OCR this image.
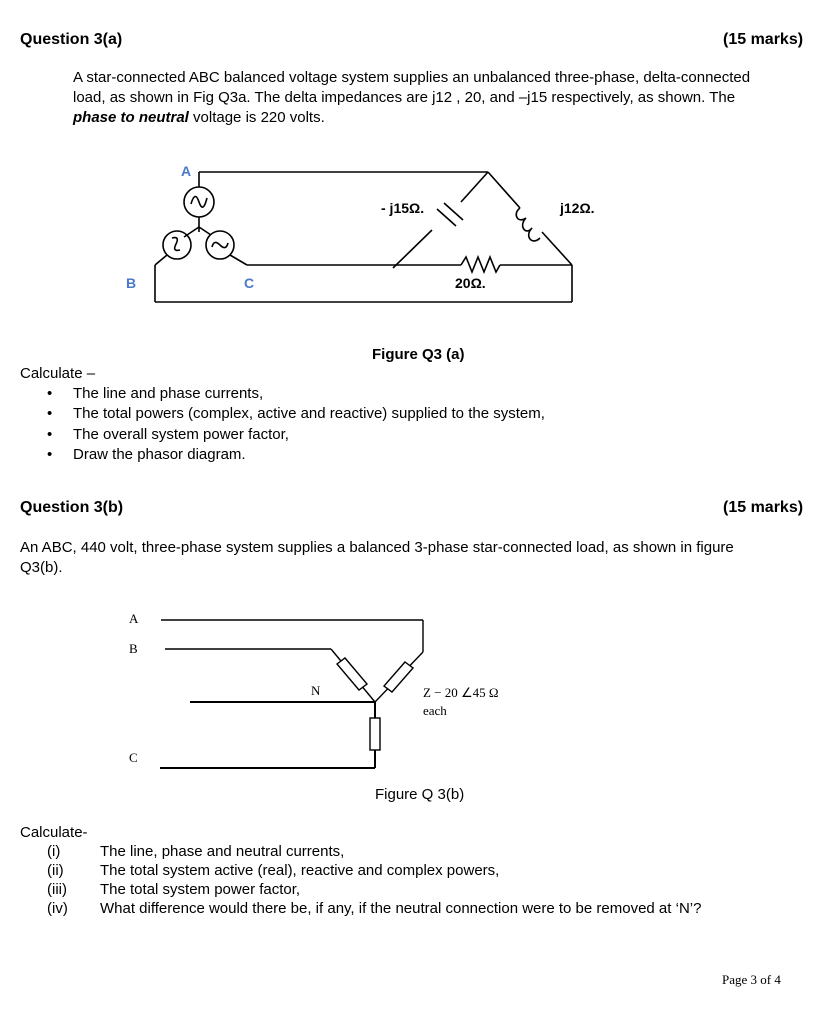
Question 3(a)	(15 marks)
A star-connected ABC balanced voltage system supplies an unbalanced three-phase, delta-connected
load, as shown in Fig Q3a. The delta impedances are j12 , 20, and –j15 respectively, as shown. The
phase to neutral voltage is 220 volts.
A
B	C
- j15Ω.	j12Ω.
20Ω.
A
B
C
N	Z − 20 ∠45 Ω
each
Figure Q3 (a)
Calculate –
• The line and phase currents,
• The total powers (complex, active and reactive) supplied to the system,
• The overall system power factor,
• Draw the phasor diagram.
Question 3(b)	(15 marks)
An ABC, 440 volt, three-phase system supplies a balanced 3-phase star-connected load, as shown in figure
Q3(b).
Figure Q 3(b)
Calculate-
(i)	The line, phase and neutral currents,
(ii) The total system active (real), reactive and complex powers,
(iii) The total system power factor,
(iv) What difference would there be, if any, if the neutral connection were to be removed at ‘N’?
Page 3 of 4
